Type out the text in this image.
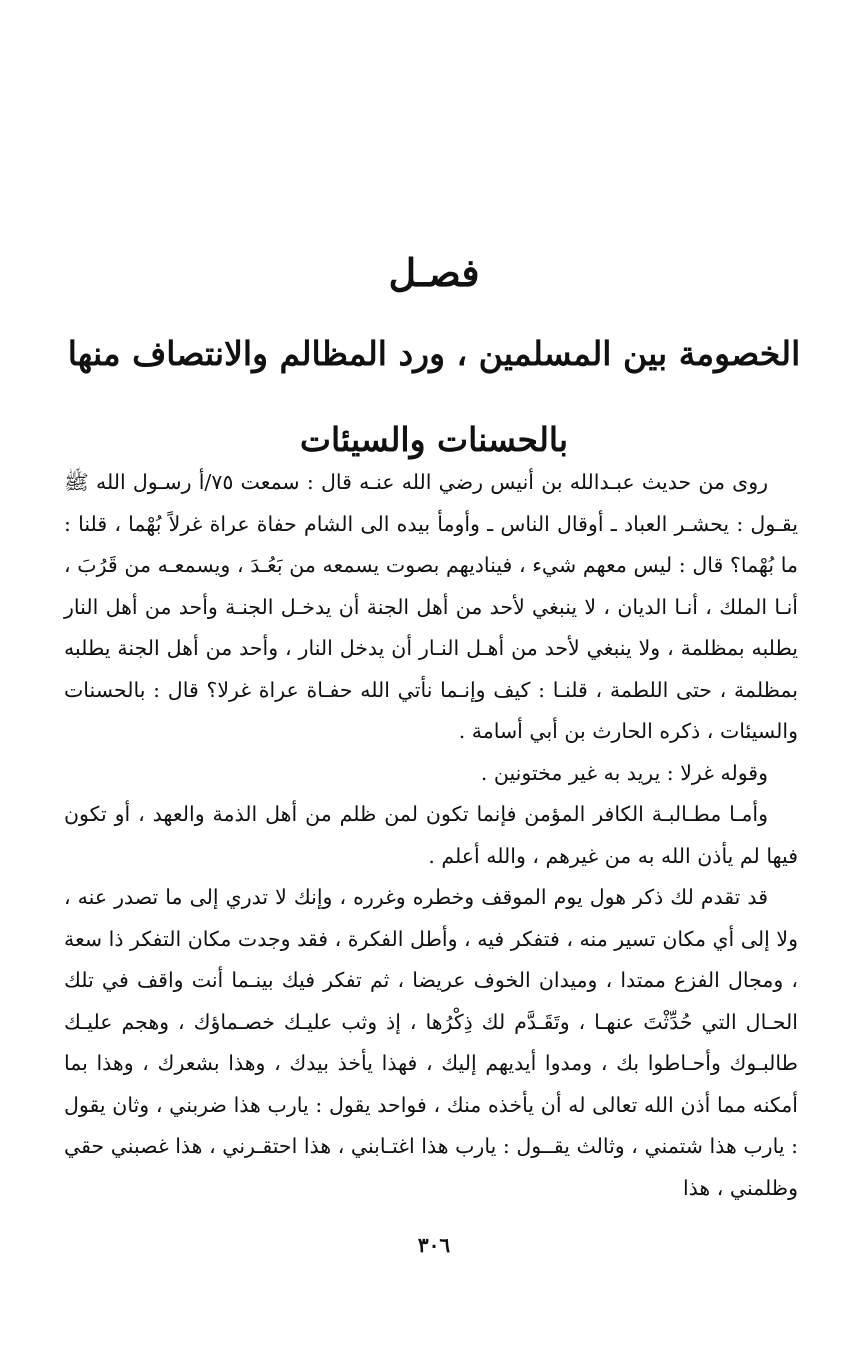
فصـل
الخصومة بين المسلمين ، ورد المظالم والانتصاف منها
بالحسنات والسيئات

روى من حديث عبـدالله بن أنيس رضي الله عنـه قال : سمعت ٧٥/أ رسـول الله ﷺ يقـول : يحشـر العباد ـ أوقال الناس ـ وأومأ بيده الى الشام حفاة عراة غرلاً بُهْما ، قلنا : ما بُهْما؟ قال : ليس معهم شيء ، فيناديهم بصوت يسمعه من بَعُـدَ ، ويسمعـه من قَرُبَ ، أنـا الملك ، أنـا الديان ، لا ينبغي لأحد من أهل الجنة أن يدخـل الجنـة وأحد من أهل النار يطلبه بمظلمة ، ولا ينبغي لأحد من أهـل النـار أن يدخل النار ، وأحد من أهل الجنة يطلبه بمظلمة ، حتى اللطمة ، قلنـا : كيف وإنـما نأتي الله حفـاة عراة غرلا؟ قال : بالحسنات والسيئات ، ذكره الحارث بن أبي أسامة .

وقوله غرلا : يريد به غير مختونين .

وأمـا مطـالبـة الكافر المؤمن فإنما تكون لمن ظلم من أهل الذمة والعهد ، أو تكون فيها لم يأذن الله به من غيرهم ، والله أعلم .

قد تقدم لك ذكر هول يوم الموقف وخطره وغرره ، وإنك لا تدري إلى ما تصدر عنه ، ولا إلى أي مكان تسير منه ، فتفكر فيه ، وأطل الفكرة ، فقد وجدت مكان التفكر ذا سعة ، ومجال الفزع ممتدا ، وميدان الخوف عريضا ، ثم تفكر فيك بينـما أنت واقف في تلك الحـال التي حُدِّثْتَ عنهـا ، وتَقَـدَّم لك ذِكْرُها ، إذ وثب عليـك خصـماؤك ، وهجم عليـك طالبـوك وأحـاطوا بك ، ومدوا أيديهم إليك ، فهذا يأخذ بيدك ، وهذا بشعرك ، وهذا بما أمكنه مما أذن الله تعالى له أن يأخذه منك ، فواحد يقول : يارب هذا ضربني ، وثان يقول : يارب هذا شتمني ، وثالث يقــول : يارب هذا اغتـابني ، هذا احتقـرني ، هذا غصبني حقي وظلمني ، هذا

٣٠٦
